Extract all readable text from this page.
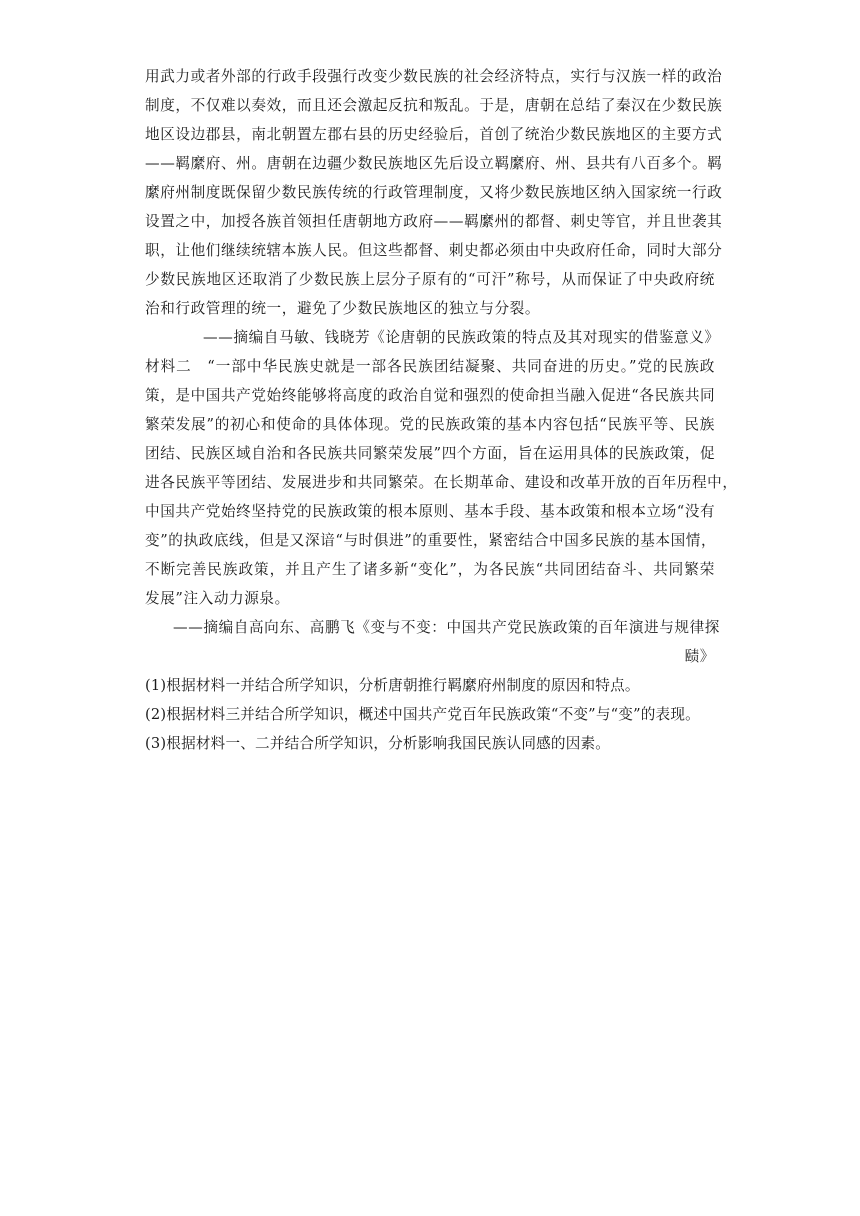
用武力或者外部的行政手段强行改变少数民族的社会经济特点，实行与汉族一样的政治
制度，不仅难以奏效，而且还会激起反抗和叛乱。于是，唐朝在总结了秦汉在少数民族
地区设边郡县，南北朝置左郡右县的历史经验后，首创了统治少数民族地区的主要方式
——羁縻府、州。唐朝在边疆少数民族地区先后设立羁縻府、州、县共有八百多个。羁
縻府州制度既保留少数民族传统的行政管理制度，又将少数民族地区纳入国家统一行政
设置之中，加授各族首领担任唐朝地方政府——羁縻州的都督、刺史等官，并且世袭其
职，让他们继续统辖本族人民。但这些都督、刺史都必须由中央政府任命，同时大部分
少数民族地区还取消了少数民族上层分子原有的“可汗”称号，从而保证了中央政府统
治和行政管理的统一，避免了少数民族地区的独立与分裂。
——摘编自马敏、钱晓芳《论唐朝的民族政策的特点及其对现实的借鉴意义》
材料二　“一部中华民族史就是一部各民族团结凝聚、共同奋进的历史。”党的民族政
策，是中国共产党始终能够将高度的政治自觉和强烈的使命担当融入促进“各民族共同
繁荣发展”的初心和使命的具体体现。党的民族政策的基本内容包括“民族平等、民族
团结、民族区域自治和各民族共同繁荣发展”四个方面，旨在运用具体的民族政策，促
进各民族平等团结、发展进步和共同繁荣。在长期革命、建设和改革开放的百年历程中，
中国共产党始终坚持党的民族政策的根本原则、基本手段、基本政策和根本立场“没有
变”的执政底线，但是又深谙“与时俱进”的重要性，紧密结合中国多民族的基本国情，
不断完善民族政策，并且产生了诸多新“变化”，为各民族“共同团结奋斗、共同繁荣
发展”注入动力源泉。
——摘编自高向东、高鹏飞《变与不变：中国共产党民族政策的百年演进与规律探
赜》
(1)根据材料一并结合所学知识，分析唐朝推行羁縻府州制度的原因和特点。
(2)根据材料三并结合所学知识，概述中国共产党百年民族政策“不变”与“变”的表现。
(3)根据材料一、二并结合所学知识，分析影响我国民族认同感的因素。
